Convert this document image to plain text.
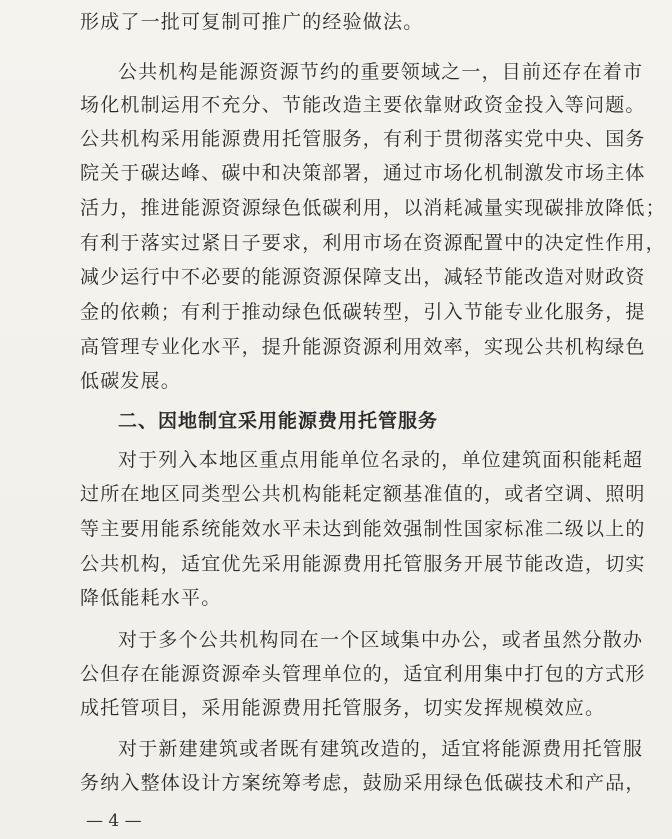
形成了一批可复制可推广的经验做法。
公共机构是能源资源节约的重要领域之一，目前还存在着市
场化机制运用不充分、节能改造主要依靠财政资金投入等问题。
公共机构采用能源费用托管服务，有利于贯彻落实党中央、国务
院关于碳达峰、碳中和决策部署，通过市场化机制激发市场主体
活力，推进能源资源绿色低碳利用，以消耗减量实现碳排放降低；
有利于落实过紧日子要求，利用市场在资源配置中的决定性作用，
减少运行中不必要的能源资源保障支出，减轻节能改造对财政资
金的依赖；有利于推动绿色低碳转型，引入节能专业化服务，提
高管理专业化水平，提升能源资源利用效率，实现公共机构绿色
低碳发展。
二、因地制宜采用能源费用托管服务
对于列入本地区重点用能单位名录的，单位建筑面积能耗超
过所在地区同类型公共机构能耗定额基准值的，或者空调、照明
等主要用能系统能效水平未达到能效强制性国家标准二级以上的
公共机构，适宜优先采用能源费用托管服务开展节能改造，切实
降低能耗水平。
对于多个公共机构同在一个区域集中办公，或者虽然分散办
公但存在能源资源牵头管理单位的，适宜利用集中打包的方式形
成托管项目，采用能源费用托管服务，切实发挥规模效应。
对于新建建筑或者既有建筑改造的，适宜将能源费用托管服
务纳入整体设计方案统筹考虑，鼓励采用绿色低碳技术和产品，
— 4 —
